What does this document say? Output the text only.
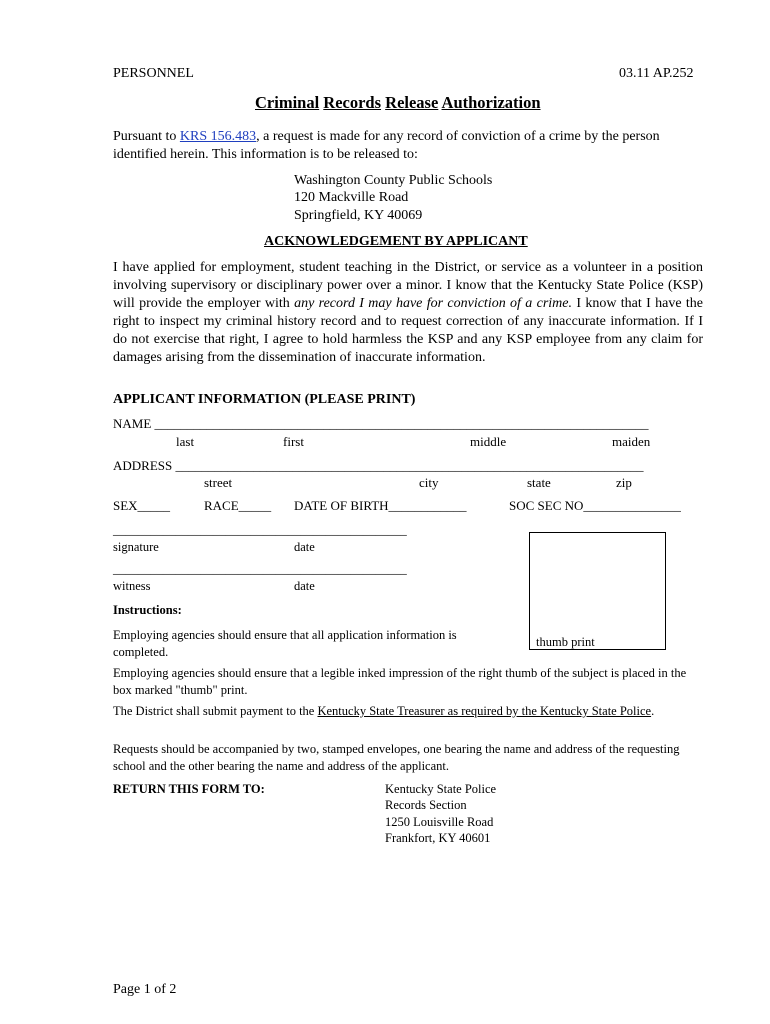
PERSONNEL	03.11 AP.252
Criminal Records Release Authorization
Pursuant to KRS 156.483, a request is made for any record of conviction of a crime by the person
identified herein. This information is to be released to:
Washington County Public Schools
120 Mackville Road
Springfield, KY 40069
ACKNOWLEDGEMENT BY APPLICANT
I have applied for employment, student teaching in the District, or service as a volunteer in a position involving supervisory or disciplinary power over a minor. I know that the Kentucky State Police (KSP) will provide the employer with any record I may have for conviction of a crime. I know that I have the right to inspect my criminal history record and to request correction of any inaccurate information. If I do not exercise that right, I agree to hold harmless the KSP and any KSP employee from any claim for damages arising from the dissemination of inaccurate information.
APPLICANT INFORMATION (PLEASE PRINT)
NAME ____________________________________________________________________________
last	first	middle	maiden
ADDRESS ________________________________________________________________________
street	city	state	zip
SEX_____	RACE_____ DATE OF BIRTH____________	SOC SEC NO_______________
_______________________________________________
signature	date
_______________________________________________
witness	date
thumb print
Instructions:
Employing agencies should ensure that all application information is completed.
Employing agencies should ensure that a legible inked impression of the right thumb of the subject is placed in the box marked "thumb" print.
The District shall submit payment to the Kentucky State Treasurer as required by the Kentucky State Police.
Requests should be accompanied by two, stamped envelopes, one bearing the name and address of the requesting school and the other bearing the name and address of the applicant.
RETURN THIS FORM TO:	Kentucky State Police
Records Section
1250 Louisville Road
Frankfort, KY 40601
Page 1 of 2
